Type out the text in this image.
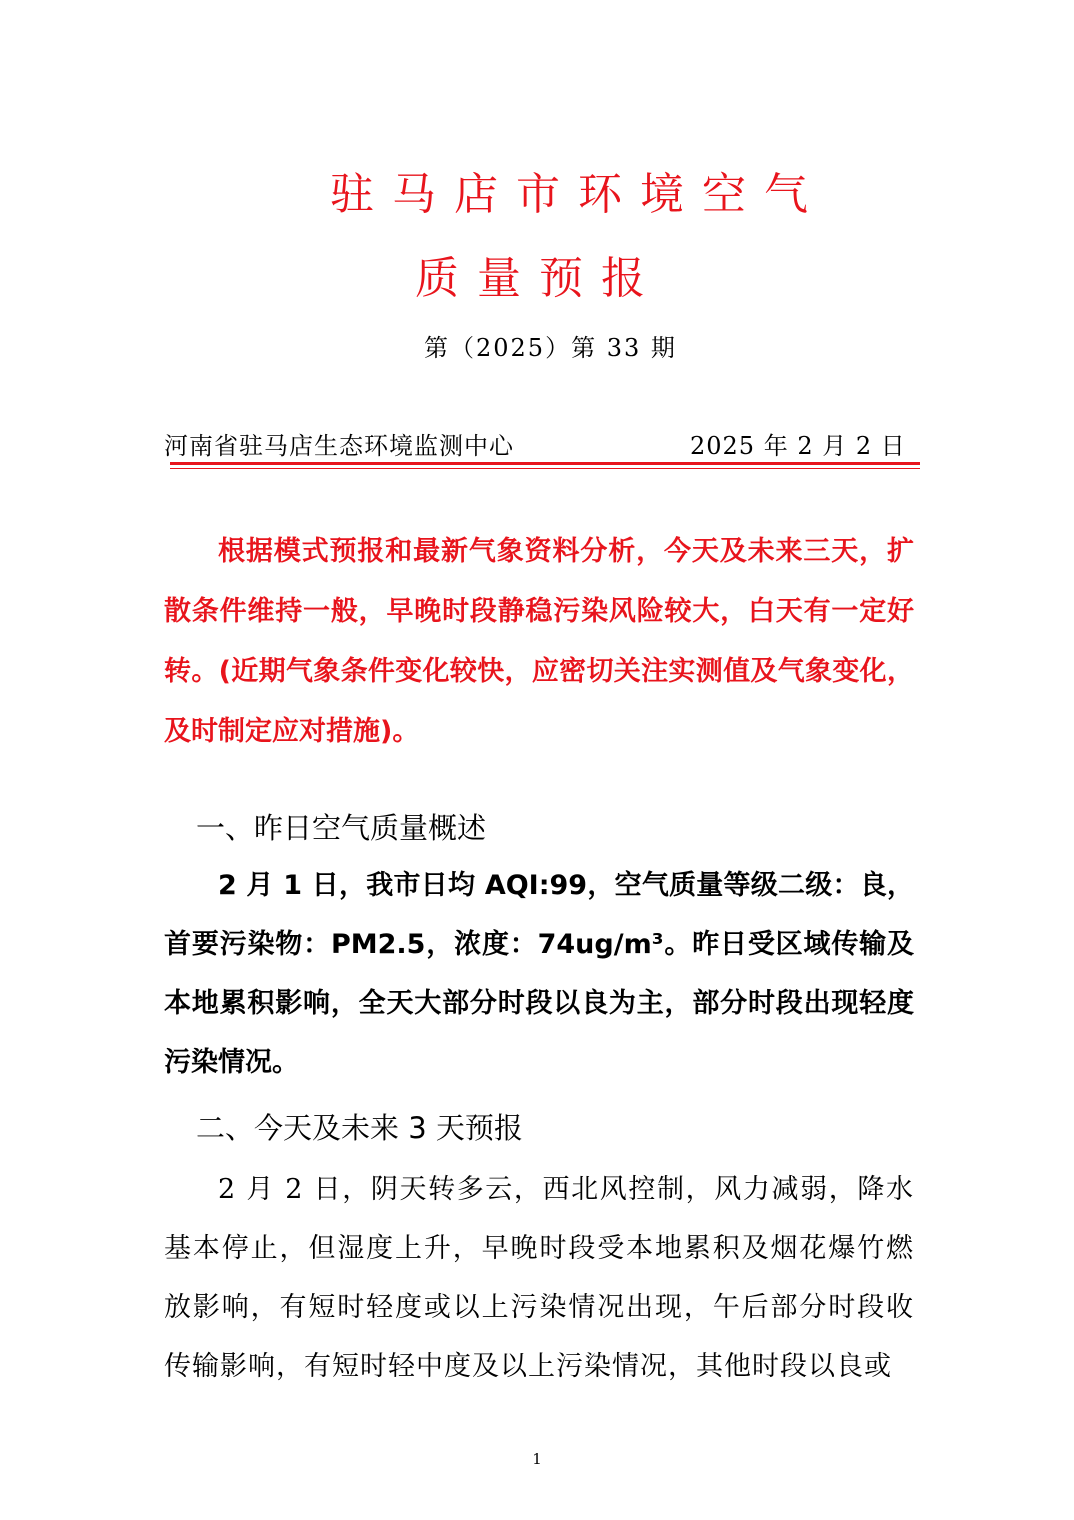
驻马店市环境空气
质量预报
第（2025）第 33 期
河南省驻马店生态环境监测中心	2025 年 2 月 2 日

根据模式预报和最新气象资料分析，今天及未来三天，扩散条件维持一般，早晚时段静稳污染风险较大，白天有一定好转。(近期气象条件变化较快，应密切关注实测值及气象变化，及时制定应对措施)。

一、昨日空气质量概述

2 月 1 日，我市日均 AQI:99，空气质量等级二级：良，首要污染物：PM2.5，浓度：74ug/m³。昨日受区域传输及本地累积影响，全天大部分时段以良为主，部分时段出现轻度污染情况。

二、今天及未来 3 天预报

2 月 2 日，阴天转多云，西北风控制，风力减弱，降水基本停止，但湿度上升，早晚时段受本地累积及烟花爆竹燃放影响，有短时轻度或以上污染情况出现，午后部分时段收传输影响，有短时轻中度及以上污染情况，其他时段以良或

1
